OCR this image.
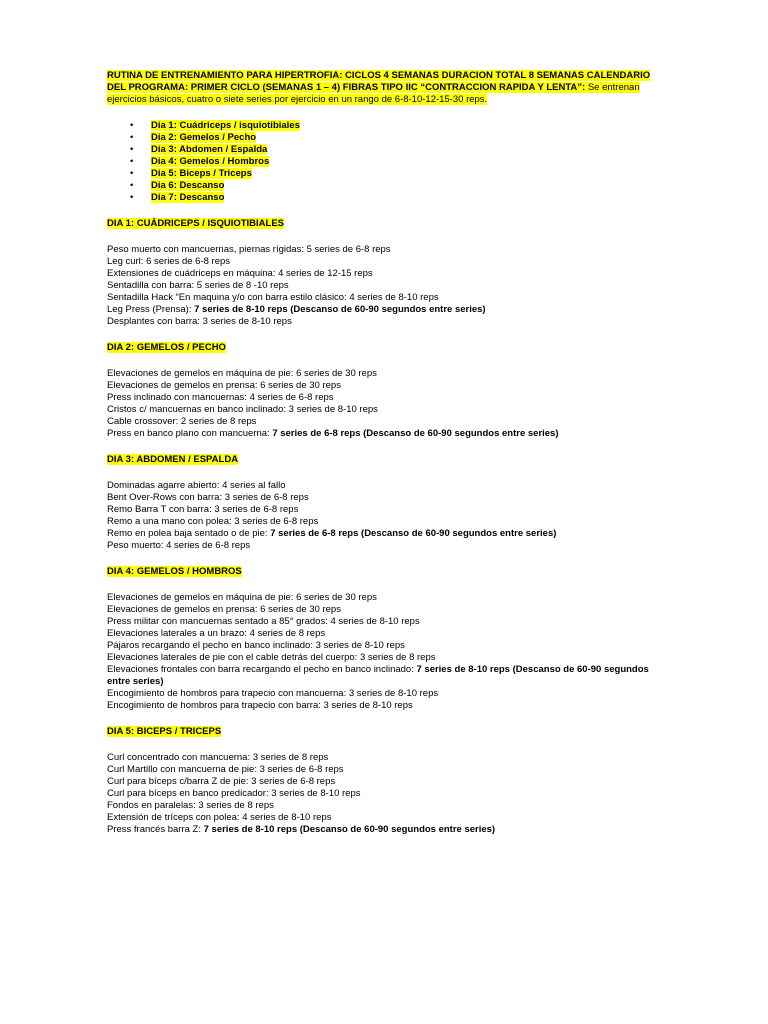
RUTINA DE ENTRENAMIENTO PARA HIPERTROFIA: CICLOS 4 SEMANAS DURACION TOTAL 8 SEMANAS CALENDARIO DEL PROGRAMA: PRIMER CICLO (SEMANAS 1 – 4) FIBRAS TIPO IIC “CONTRACCION RAPIDA Y LENTA”: Se entrenan ejercicios básicos, cuatro o siete series por ejercicio en un rango de 6-8-10-12-15-30 reps.

• Dia 1: Cuádriceps / isquiotibiales
• Dia 2: Gemelos / Pecho
• Dia 3: Abdomen / Espalda
• Dia 4: Gemelos / Hombros
• Dia 5: Biceps / Triceps
• Dia 6: Descanso
• Dia 7: Descanso

DIA 1: CUÁDRICEPS / ISQUIOTIBIALES

Peso muerto con mancuernas, piernas rígidas: 5 series de 6-8 reps
Leg curl: 6 series de 6-8 reps
Extensiones de cuádriceps en máquina: 4 series de 12-15 reps
Sentadilla con barra: 5 series de 8 -10 reps
Sentadilla Hack “En maquina y/o con barra estilo clásico: 4 series de 8-10 reps
Leg Press (Prensa): 7 series de 8-10 reps (Descanso de 60-90 segundos entre series)
Desplantes con barra: 3 series de 8-10 reps

DIA 2: GEMELOS / PECHO

Elevaciones de gemelos en máquina de pie: 6 series de 30 reps
Elevaciones de gemelos en prensa: 6 series de 30 reps
Press inclinado con mancuernas: 4 series de 6-8 reps
Cristos c/ mancuernas en banco inclinado: 3 series de 8-10 reps
Cable crossover: 2 series de 8 reps
Press en banco plano con mancuerna: 7 series de 6-8 reps (Descanso de 60-90 segundos entre series)

DIA 3: ABDOMEN / ESPALDA

Dominadas agarre abierto: 4 series al fallo
Bent Over-Rows con barra: 3 series de 6-8 reps
Remo Barra T con barra: 3 series de 6-8 reps
Remo a una mano con polea: 3 series de 6-8 reps
Remo en polea baja sentado o de pie: 7 series de 6-8 reps (Descanso de 60-90 segundos entre series)
Peso muerto: 4 series de 6-8 reps

DIA 4: GEMELOS / HOMBROS

Elevaciones de gemelos en máquina de pie: 6 series de 30 reps
Elevaciones de gemelos en prensa: 6 series de 30 reps
Press militar con mancuernas sentado a 85° grados: 4 series de 8-10 reps
Elevaciones laterales a un brazo: 4 series de 8 reps
Pájaros recargando el pecho en banco inclinado: 3 series de 8-10 reps
Elevaciones laterales de pie con el cable detrás del cuerpo: 3 series de 8 reps
Elevaciones frontales con barra recargando el pecho en banco inclinado: 7 series de 8-10 reps (Descanso de 60-90 segundos entre series)
Encogimiento de hombros para trapecio con mancuerna: 3 series de 8-10 reps
Encogimiento de hombros para trapecio con barra: 3 series de 8-10 reps

DIA 5: BICEPS / TRICEPS

Curl concentrado con mancuerna: 3 series de 8 reps
Curl Martillo con mancuerna de pie: 3 series de 6-8 reps
Curl para bíceps c/barra Z de pie: 3 series de 6-8 reps
Curl para bíceps en banco predicador: 3 series de 8-10 reps
Fondos en paralelas: 3 series de 8 reps
Extensión de tríceps con polea: 4 series de 8-10 reps
Press francés barra Z: 7 series de 8-10 reps (Descanso de 60-90 segundos entre series)
